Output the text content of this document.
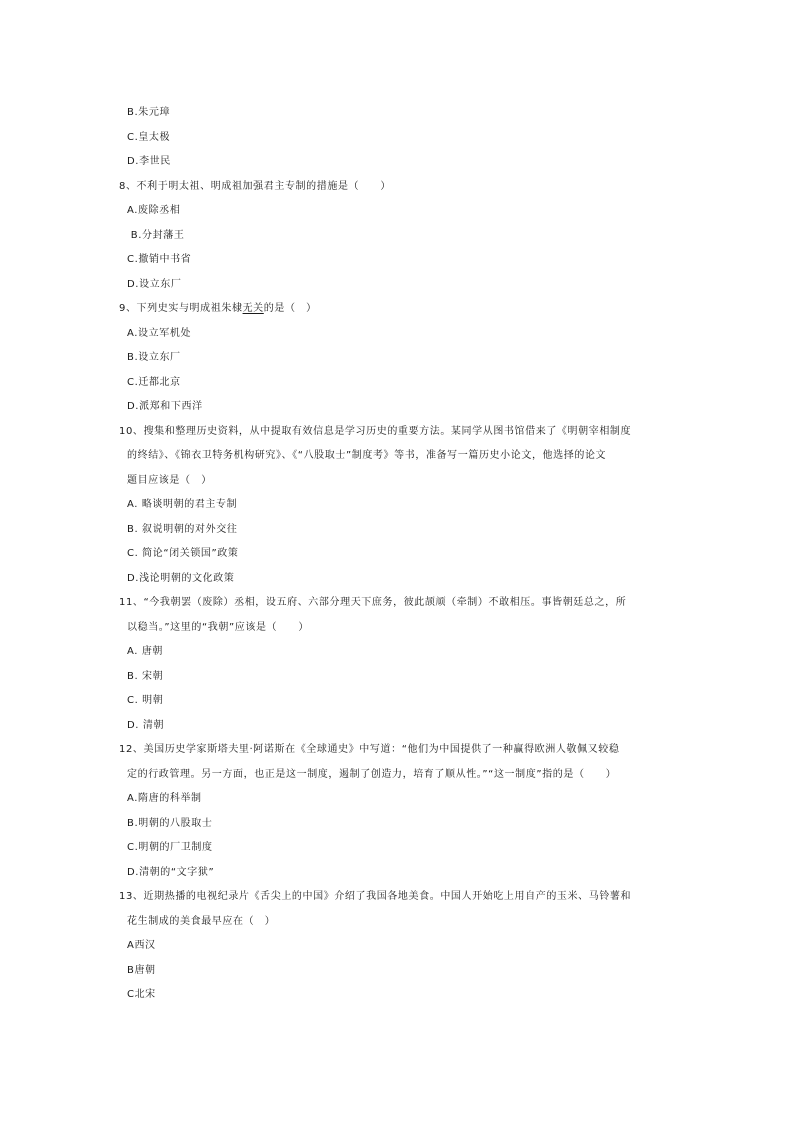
B.朱元璋
C.皇太极
D.李世民
8、不利于明太祖、明成祖加强君主专制的措施是（　　）
A.废除丞相
B.分封藩王
C.撤销中书省
D.设立东厂
9、下列史实与明成祖朱棣无关的是（　）
A.设立军机处
B.设立东厂
C.迁都北京
D.派郑和下西洋
10、搜集和整理历史资料，从中提取有效信息是学习历史的重要方法。某同学从图书馆借来了《明朝宰相制度
的终结》、《锦衣卫特务机构研究》、《“八股取士”制度考》等书，准备写一篇历史小论文，他选择的论文
题目应该是（　）
A. 略谈明朝的君主专制
B. 叙说明朝的对外交往
C. 简论“闭关锁国”政策
D.浅论明朝的文化政策
11、“今我朝罢（废除）丞相，设五府、六部分理天下庶务，彼此颉颃（牵制）不敢相压。事皆朝廷总之，所
以稳当。”这里的“我朝”应该是（　　）
A. 唐朝
B. 宋朝
C. 明朝
D. 清朝
12、美国历史学家斯塔夫里·阿诺斯在《全球通史》中写道：“他们为中国提供了一种赢得欧洲人敬佩又较稳
定的行政管理。另一方面，也正是这一制度，遏制了创造力，培育了顺从性。”“这一制度”指的是（　　）
A.隋唐的科举制
B.明朝的八股取士
C.明朝的厂卫制度
D.清朝的“文字狱”
13、近期热播的电视纪录片《舌尖上的中国》介绍了我国各地美食。中国人开始吃上用自产的玉米、马铃薯和
花生制成的美食最早应在（　）
A西汉
B唐朝
C北宋
